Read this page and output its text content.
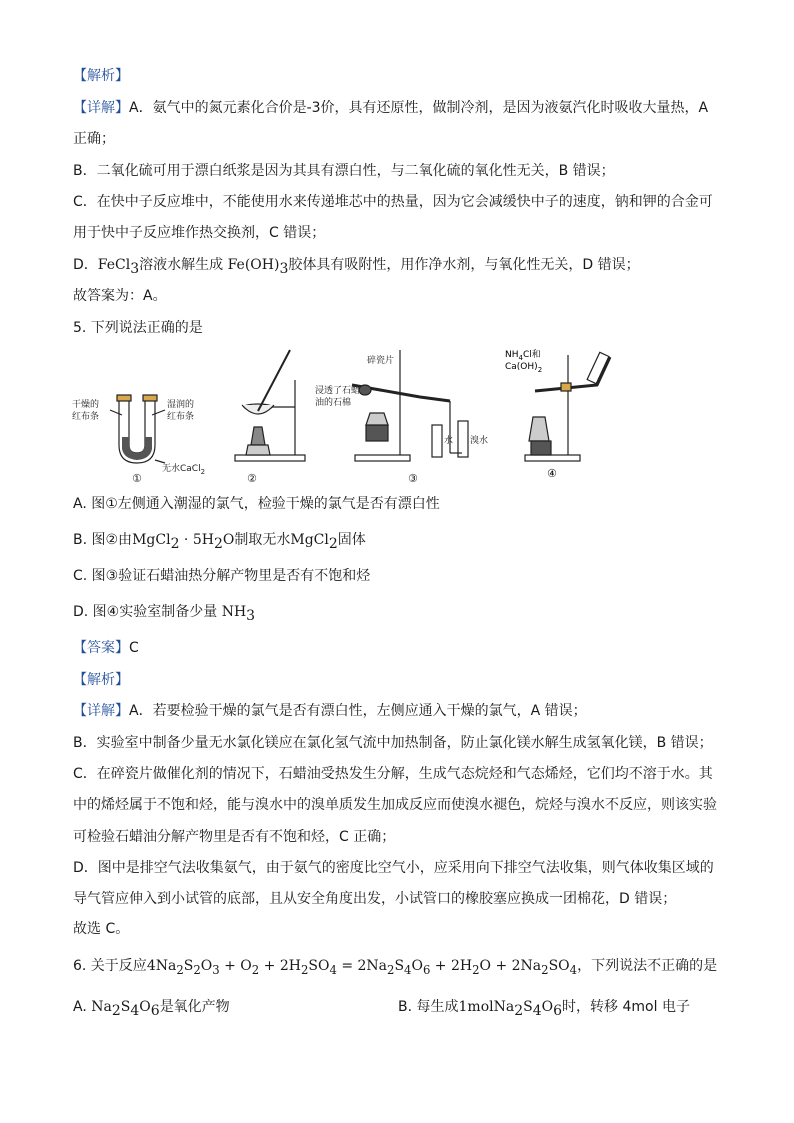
【解析】
【详解】A．氨气中的氮元素化合价是-3价，具有还原性，做制冷剂，是因为液氨汽化时吸收大量热，A
正确；
B．二氧化硫可用于漂白纸浆是因为其具有漂白性，与二氧化硫的氧化性无关，B 错误；
C．在快中子反应堆中，不能使用水来传递堆芯中的热量，因为它会减缓快中子的速度，钠和钾的合金可
用于快中子反应堆作热交换剂，C 错误；
D．FeCl$_3$溶液水解生成 $Fe(OH)_3$胶体具有吸附性，用作净水剂，与氧化性无关，D 错误；
故答案为：A。
5. 下列说法正确的是
干燥的
红布条
湿润的
红布条
无水CaCl$_2$
①	②
碎瓷片
浸透了石蜡
油的石棉
水 溴水
③
$NH_4Cl$和
$Ca(OH)_2$
④
A. 图①左侧通入潮湿的氯气，检验干燥的氯气是否有漂白性
B. 图②由MgCl$_2$ · $5H_2O$制取无水MgCl$_2$固体
C. 图③验证石蜡油热分解产物里是否有不饱和烃
D. 图④实验室制备少量 $NH_3$
【答案】C
【解析】
【详解】A．若要检验干燥的氯气是否有漂白性，左侧应通入干燥的氯气，A 错误；
B．实验室中制备少量无水氯化镁应在氯化氢气流中加热制备，防止氯化镁水解生成氢氧化镁，B 错误；
C．在碎瓷片做催化剂的情况下，石蜡油受热发生分解，生成气态烷烃和气态烯烃，它们均不溶于水。其
中的烯烃属于不饱和烃，能与溴水中的溴单质发生加成反应而使溴水褪色，烷烃与溴水不反应，则该实验
可检验石蜡油分解产物里是否有不饱和烃，C 正确；
D．图中是排空气法收集氨气，由于氨气的密度比空气小，应采用向下排空气法收集，则气体收集区域的
导气管应伸入到小试管的底部，且从安全角度出发，小试管口的橡胶塞应换成一团棉花，D 错误；
故选 C。
6. 关于反应$4Na_2S_2O_3 + O_2 + 2H_2SO_4 = 2Na_2S_4O_6 + 2H_2O + 2Na_2SO_4$，下列说法不正确的是
A. $Na_2S_4O_6$是氧化产物	B. 每生成$1molNa_2S_4O_6$时，转移 4mol 电子
